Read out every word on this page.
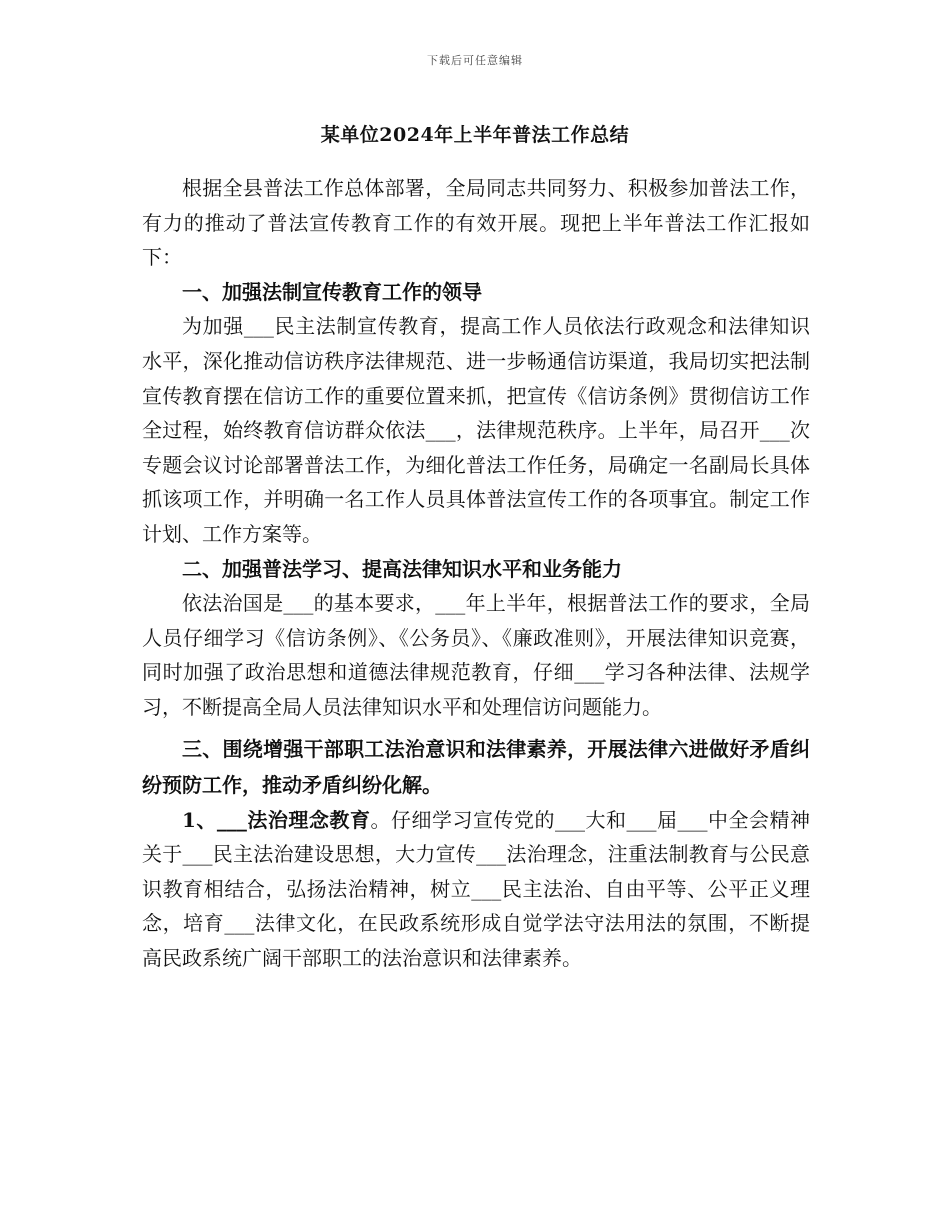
下载后可任意编辑
某单位2024年上半年普法工作总结

根据全县普法工作总体部署，全局同志共同努力、积极参加普法工作，有力的推动了普法宣传教育工作的有效开展。现把上半年普法工作汇报如下：

一、加强法制宣传教育工作的领导

为加强___民主法制宣传教育，提高工作人员依法行政观念和法律知识水平，深化推动信访秩序法律规范、进一步畅通信访渠道，我局切实把法制宣传教育摆在信访工作的重要位置来抓，把宣传《信访条例》贯彻信访工作全过程，始终教育信访群众依法___，法律规范秩序。上半年，局召开___次专题会议讨论部署普法工作，为细化普法工作任务，局确定一名副局长具体抓该项工作，并明确一名工作人员具体普法宣传工作的各项事宜。制定工作计划、工作方案等。

二、加强普法学习、提高法律知识水平和业务能力

依法治国是___的基本要求，___年上半年，根据普法工作的要求，全局人员仔细学习《信访条例》、《公务员》、《廉政准则》，开展法律知识竞赛，同时加强了政治思想和道德法律规范教育，仔细___学习各种法律、法规学习，不断提高全局人员法律知识水平和处理信访问题能力。

三、围绕增强干部职工法治意识和法律素养，开展法律六进做好矛盾纠纷预防工作，推动矛盾纠纷化解。

1、___法治理念教育。仔细学习宣传党的___大和___届___中全会精神关于___民主法治建设思想，大力宣传___法治理念，注重法制教育与公民意识教育相结合，弘扬法治精神，树立___民主法治、自由平等、公平正义理念，培育___法律文化，在民政系统形成自觉学法守法用法的氛围，不断提高民政系统广阔干部职工的法治意识和法律素养。
